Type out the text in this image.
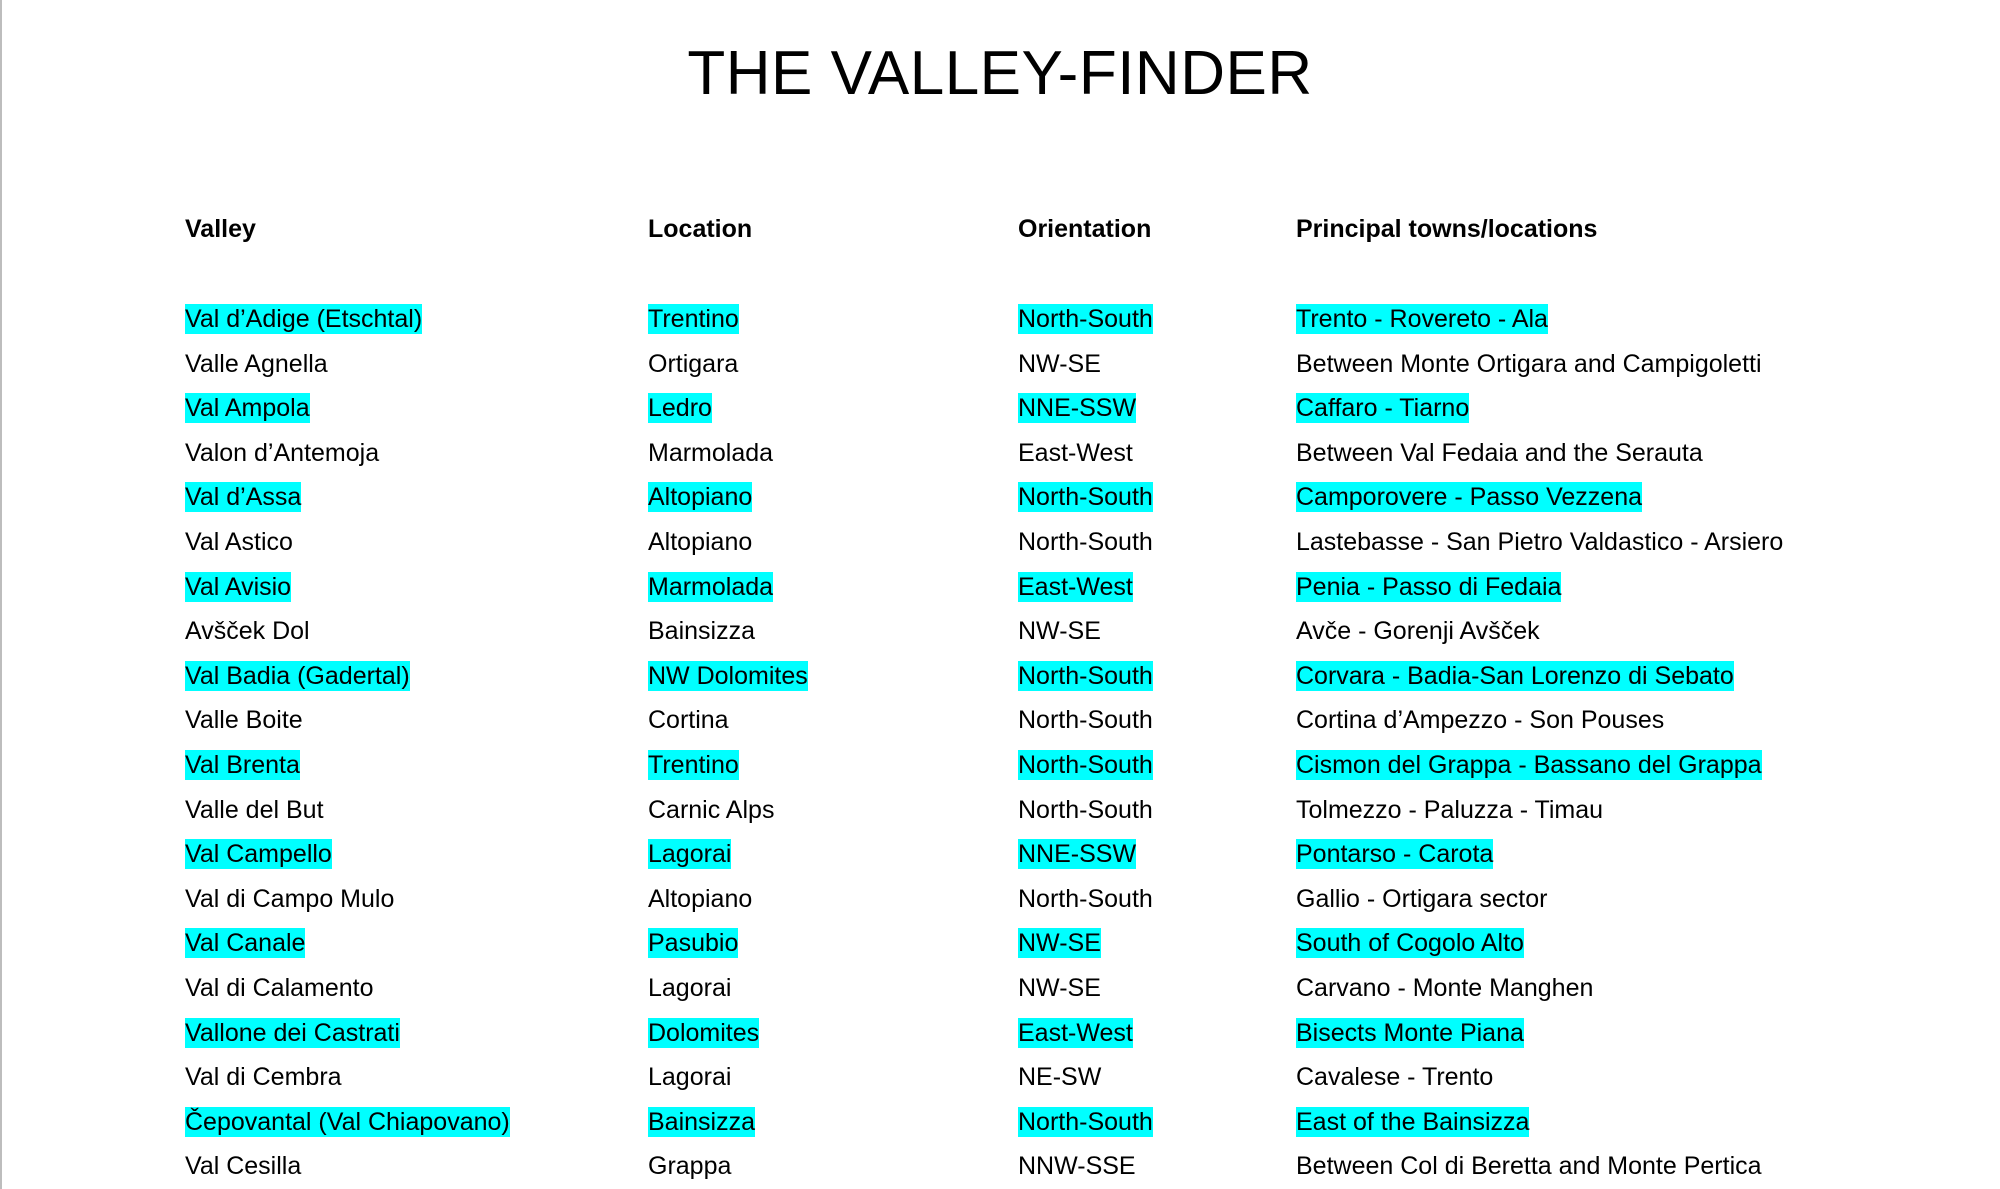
THE VALLEY-FINDER
Valley	Location	Orientation	Principal towns/locations
Val d’Adige (Etschtal)	Trentino	North-South	Trento - Rovereto - Ala
Valle Agnella	Ortigara	NW-SE	Between Monte Ortigara and Campigoletti
Val Ampola	Ledro	NNE-SSW	Caffaro - Tiarno
Valon d’Antemoja	Marmolada	East-West	Between Val Fedaia and the Serauta
Val d’Assa	Altopiano	North-South	Camporovere - Passo Vezzena
Val Astico	Altopiano	North-South	Lastebasse - San Pietro Valdastico - Arsiero
Val Avisio	Marmolada	East-West	Penia - Passo di Fedaia
Avšček Dol	Bainsizza	NW-SE	Avče - Gorenji Avšček
Val Badia (Gadertal)	NW Dolomites	North-South	Corvara - Badia-San Lorenzo di Sebato
Valle Boite	Cortina	North-South	Cortina d’Ampezzo - Son Pouses
Val Brenta	Trentino	North-South	Cismon del Grappa - Bassano del Grappa
Valle del But	Carnic Alps	North-South	Tolmezzo - Paluzza - Timau
Val Campello	Lagorai	NNE-SSW	Pontarso - Carota
Val di Campo Mulo	Altopiano	North-South	Gallio - Ortigara sector
Val Canale	Pasubio	NW-SE	South of Cogolo Alto
Val di Calamento	Lagorai	NW-SE	Carvano - Monte Manghen
Vallone dei Castrati	Dolomites	East-West	Bisects Monte Piana
Val di Cembra	Lagorai	NE-SW	Cavalese - Trento
Čepovantal (Val Chiapovano)	Bainsizza	North-South	East of the Bainsizza
Val Cesilla	Grappa	NNW-SSE	Between Col di Beretta and Monte Pertica
